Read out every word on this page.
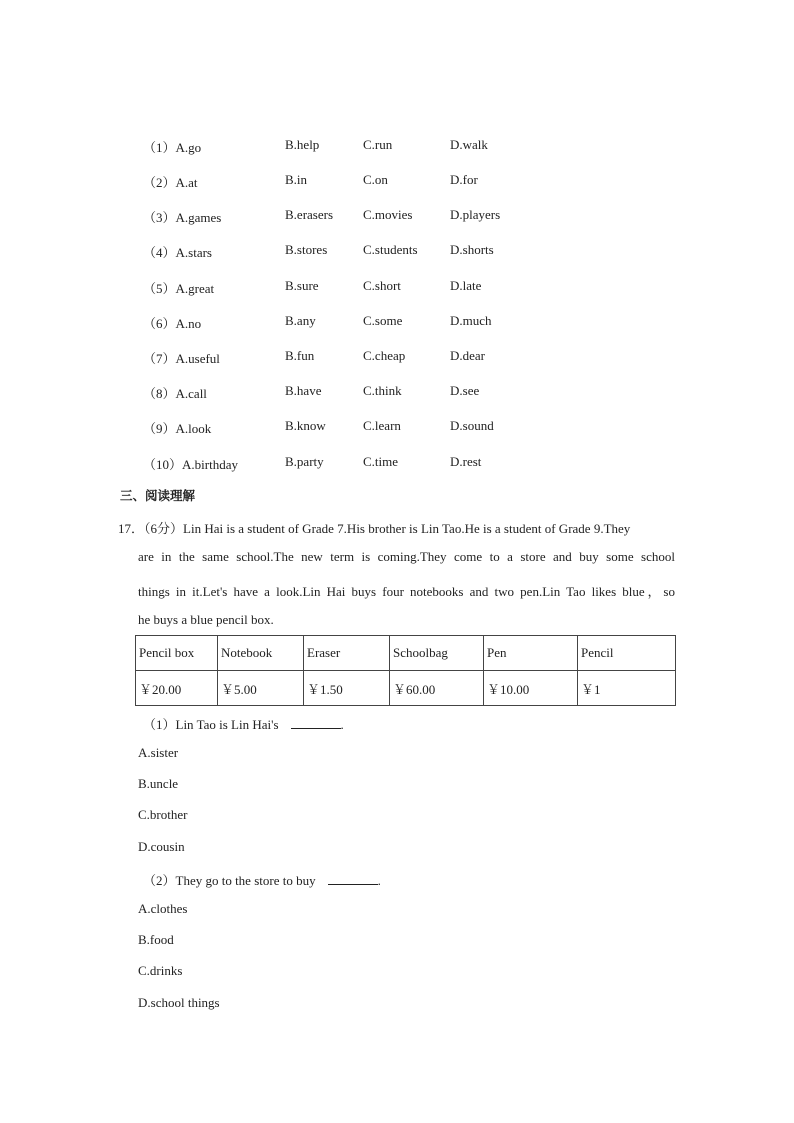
（1）A.go	B.help	C.run	D.walk
（2）A.at	B.in	C.on	D.for
（3）A.games	B.erasers C.movies	D.players
（4）A.stars	B.stores	C.students D.shorts
（5）A.great	B.sure	C.short	D.late
（6）A.no	B.any	C.some	D.much
（7）A.useful	B.fun	C.cheap	D.dear
（8）A.call	B.have	C.think	D.see
（9）A.look	B.know	C.learn	D.sound
（10）A.birthday	B.party	C.time	D.rest
三、阅读理解
17．（6分）Lin Hai is a student of Grade 7.His brother is Lin Tao.He is a student of Grade 9.They
are in the same school.The new term is coming.They come to a store and buy some school
things in it.Let's have a look.Lin Hai buys four notebooks and two pen.Lin Tao likes blue，so
he buys a blue pencil box.
Pencil box	Notebook	Eraser	Schoolbag	Pen	Pencil
￥20.00	￥5.00	￥1.50	￥60.00	￥10.00	￥1
（1）Lin Tao is Lin Hai's	.
A.sister
B.uncle
C.brother
D.cousin
（2）They go to the store to buy	.
A.clothes
B.food
C.drinks
D.school things
